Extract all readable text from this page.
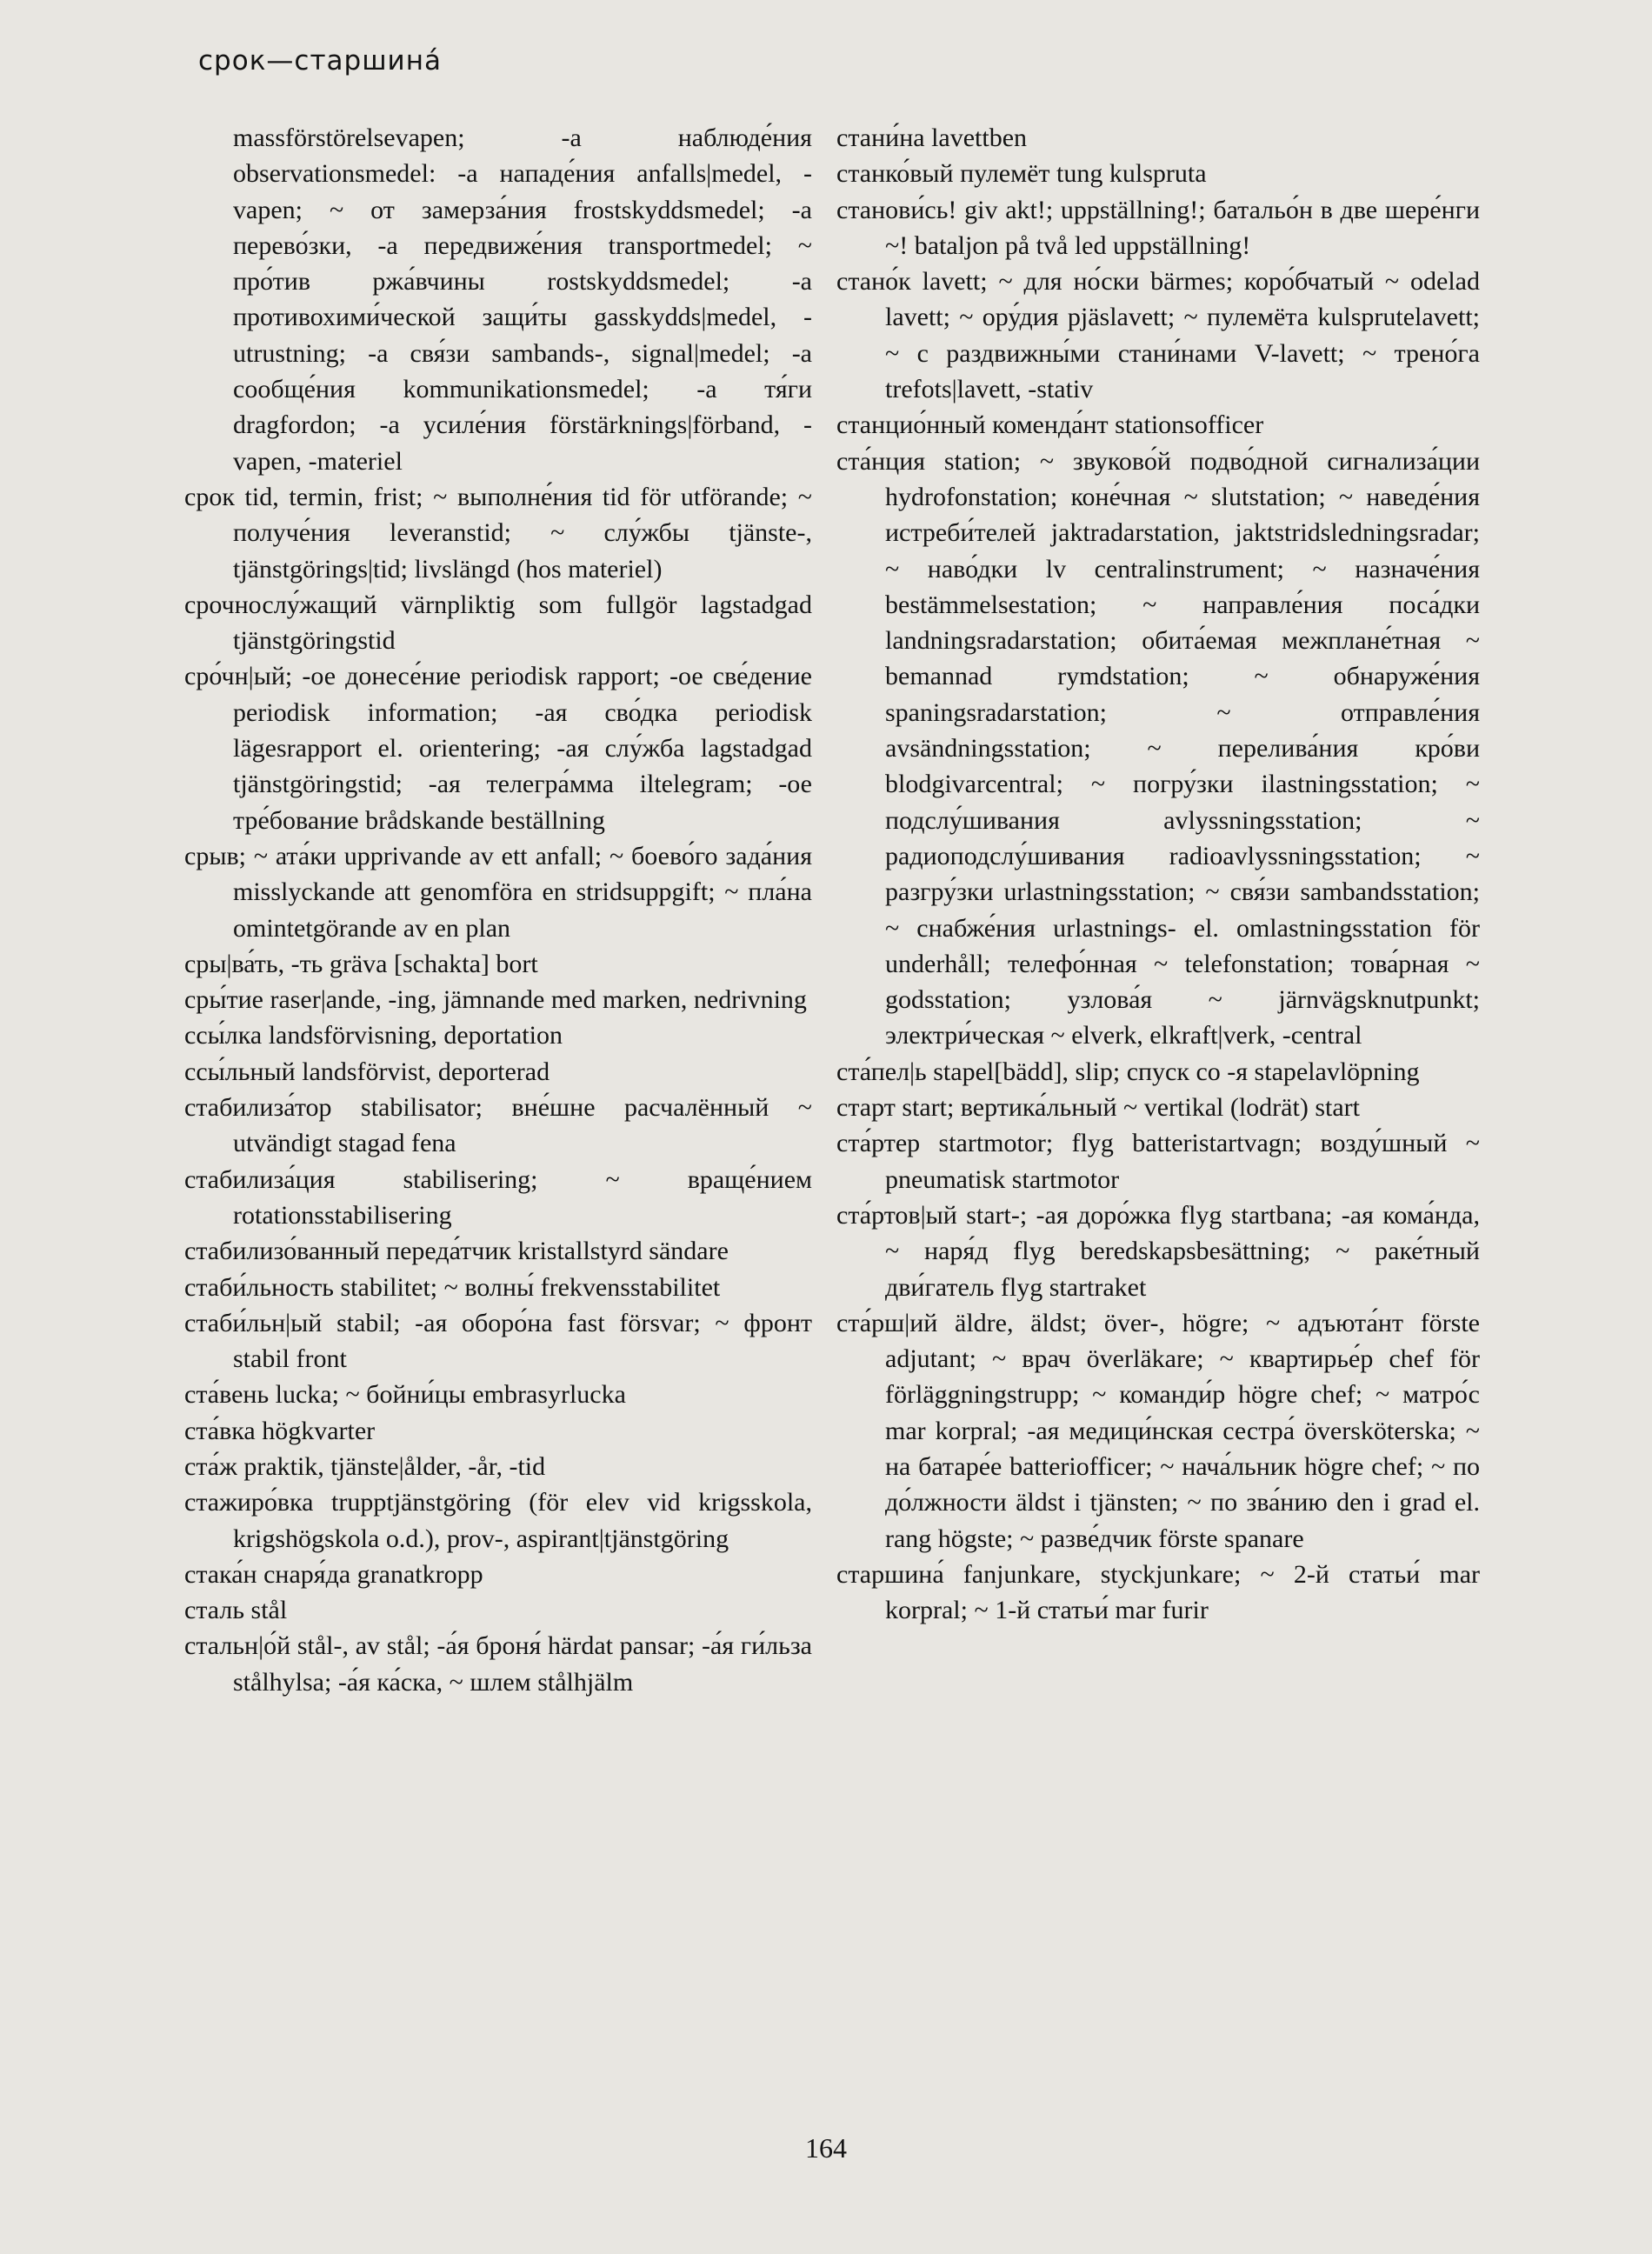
срок—старшина́

massförstörelsevapen; -а наблюде́ния observationsmedel: -а нападе́ния anfalls|medel, -vapen; ~ от замерза́ния frostskyddsmedel; -а перево́зки, -а передвиже́ния transportmedel; ~ про́тив ржа́вчины rostskyddsmedel; -а противохими́ческой защи́ты gasskydds|medel, -utrustning; -а свя́зи sambands-, signal|medel; -а сообще́ния kommunikationsmedel; -а тя́ги dragfordon; -а усиле́ния förstärknings|förband, -vapen, -materiel

срок tid, termin, frist; ~ выполне́ния tid för utförande; ~ получе́ния leveranstid; ~ слу́жбы tjänste-, tjänstgörings|tid; livslängd (hos materiel)

срочнослу́жащий värnpliktig som fullgör lagstadgad tjänstgöringstid

сро́чн|ый; -ое донесе́ние periodisk rapport; -ое све́дение periodisk information; -ая сво́дка periodisk lägesrapport el. orientering; -ая слу́жба lagstadgad tjänstgöringstid; -ая телегра́мма iltelegram; -ое тре́бование brådskande beställning

срыв; ~ ата́ки upprivande av ett anfall; ~ боево́го зада́ния misslyckande att genomföra en stridsuppgift; ~ пла́на omintetgörande av en plan

сры|ва́ть, -ть gräva [schakta] bort

сры́тие raser|ande, -ing, jämnande med marken, nedrivning

ссы́лка landsförvisning, deportation

ссы́льный landsförvist, deporterad

стабилиза́тор stabilisator; вне́шне расчалённый ~ utvändigt stagad fena

стабилиза́ция stabilisering; ~ враще́нием rotationsstabilisering

стабилизо́ванный переда́тчик kristallstyrd sändare

стаби́льность stabilitet; ~ волны́ frekvensstabilitet

стаби́льн|ый stabil; -ая оборо́на fast försvar; ~ фронт stabil front

ста́вень lucka; ~ бойни́цы embrasyrlucka

ста́вка högkvarter

ста́ж praktik, tjänste|ålder, -år, -tid

стажиро́вка trupptjänstgöring (för elev vid krigsskola, krigshögskola o.d.), prov-, aspirant|tjänstgöring

стака́н снаря́да granatkropp

сталь stål

стальн|о́й stål-, av stål; -а́я броня́ härdat pansar; -а́я ги́льза stålhylsa; -а́я ка́ска, ~ шлем stålhjälm

стани́на lavettben

станко́вый пулемёт tung kulspruta

станови́сь! giv akt!; uppställning!; батальо́н в две шере́нги ~! bataljon på två led uppställning!

стано́к lavett; ~ для но́ски bärmes; коро́бчатый ~ odelad lavett; ~ ору́дия pjäslavett; ~ пулемёта kulsprutelavett; ~ с раздвижны́ми стани́нами V-lavett; ~ трено́га trefots|lavett, -stativ

станцио́нный коменда́нт stationsofficer

ста́нция station; ~ звуково́й подво́дной сигнализа́ции hydrofonstation; коне́чная ~ slutstation; ~ наведе́ния истреби́телей jaktradarstation, jaktstridsledningsradar; ~ наво́дки lv centralinstrument; ~ назначе́ния bestämmelsestation; ~ направле́ния поса́дки landningsradarstation; обита́емая межплане́тная ~ bemannad rymdstation; ~ обнаруже́ния spaningsradarstation; ~ отправле́ния avsändningsstation; ~ перелива́ния кро́ви blodgivarcentral; ~ погру́зки ilastningsstation; ~ подслу́шивания avlyssningsstation; ~ радиоподслу́шивания radioavlyssningsstation; ~ разгру́зки urlastningsstation; ~ свя́зи sambandsstation; ~ снабже́ния urlastnings- el. omlastningsstation för underhåll; телефо́нная ~ telefonstation; това́рная ~ godsstation; узлова́я ~ järnvägsknutpunkt; электри́ческая ~ elverk, elkraft|verk, -central

ста́пел|ь stapel[bädd], slip; спуск со -я stapelavlöpning

старт start; вертика́льный ~ vertikal (lodrät) start

ста́ртер startmotor; flyg batteristartvagn; возду́шный ~ pneumatisk startmotor

ста́ртов|ый start-; -ая доро́жка flyg startbana; -ая кома́нда, ~ наря́д flyg beredskapsbesättning; ~ раке́тный дви́гатель flyg startraket

ста́рш|ий äldre, äldst; över-, högre; ~ адъюта́нт förste adjutant; ~ врач överläkare; ~ квартирье́р chef för förläggningstrupp; ~ команди́р högre chef; ~ матро́с mar korpral; -ая медици́нская сестра́ översköterska; ~ на батаре́е batteriofficer; ~ нача́льник högre chef; ~ по до́лжности äldst i tjänsten; ~ по зва́нию den i grad el. rang högste; ~ разве́дчик förste spanare

старшина́ fanjunkare, styckjunkare; ~ 2-й статьи́ mar korpral; ~ 1-й статьи́ mar furir

164
